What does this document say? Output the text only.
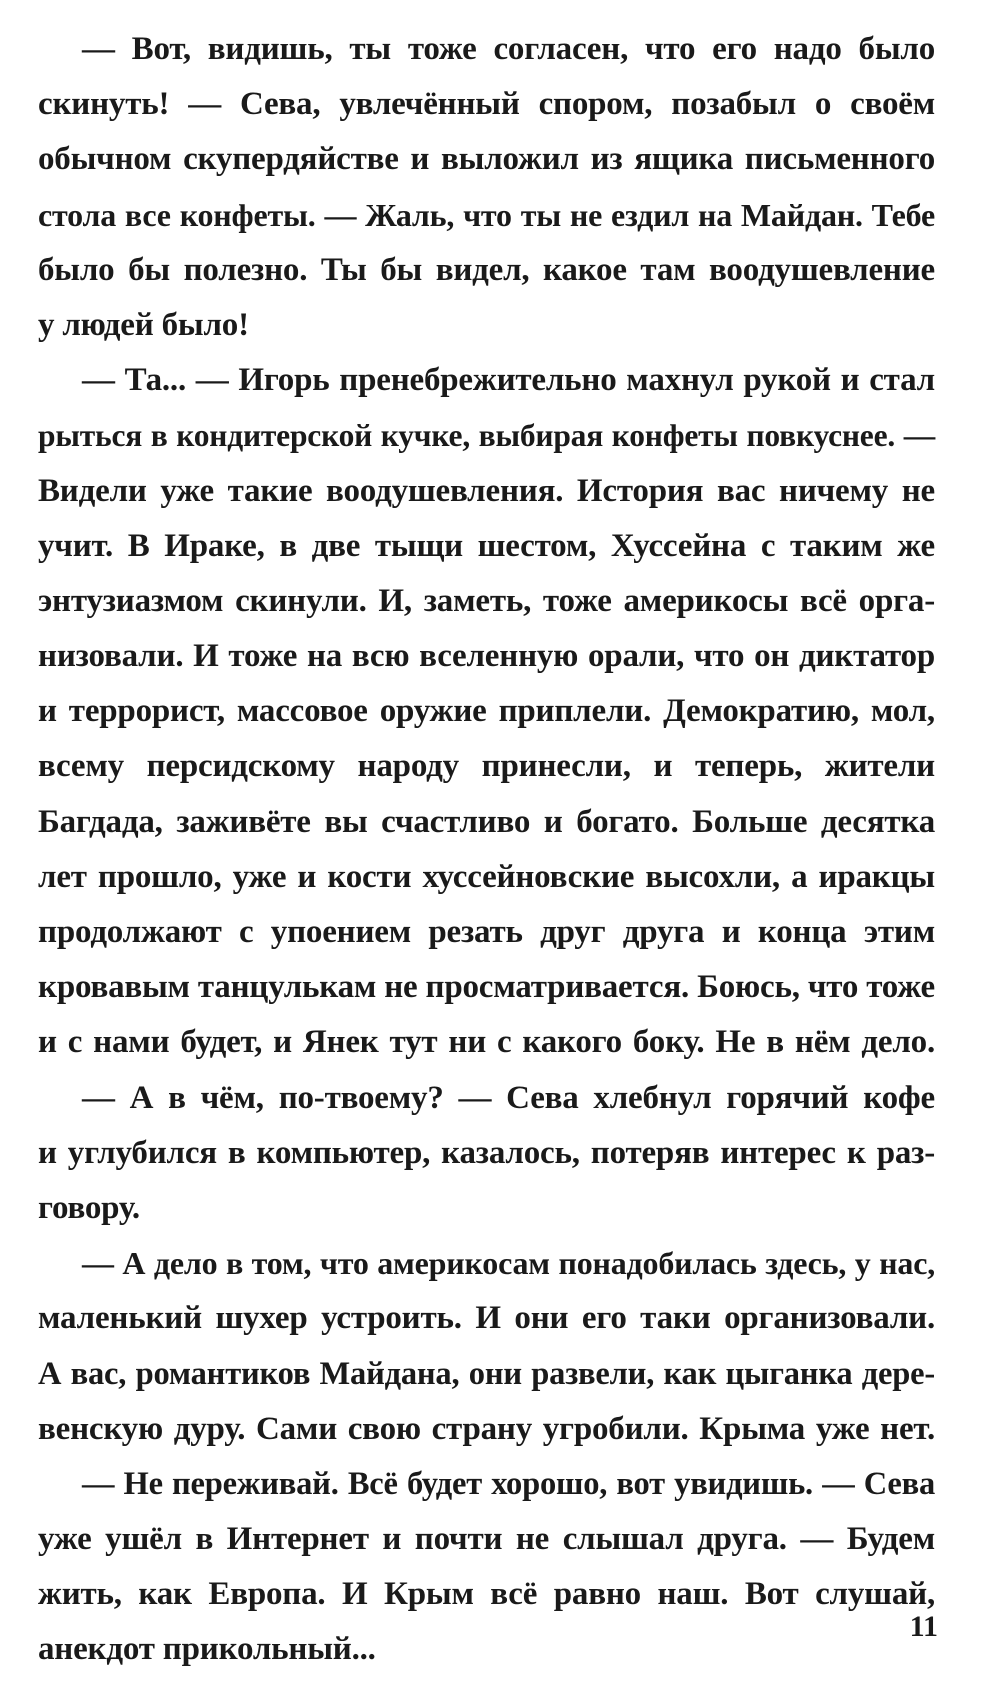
— Вот, видишь, ты тоже согласен, что его надо было
скинуть! — Сева, увлечённый спором, позабыл о своём
обычном скупердяйстве и выложил из ящика письменного
стола все конфеты. — Жаль, что ты не ездил на Майдан. Тебе
было бы полезно. Ты бы видел, какое там воодушевление
у людей было!
— Та... — Игорь пренебрежительно махнул рукой и стал
рыться в кондитерской кучке, выбирая конфеты повкуснее. —
Видели уже такие воодушевления. История вас ничему не
учит. В Ираке, в две тыщи шестом, Хуссейна с таким же
энтузиазмом скинули. И, заметь, тоже америкосы всё орга-
низовали. И тоже на всю вселенную орали, что он диктатор
и террорист, массовое оружие приплели. Демократию, мол,
всему персидскому народу принесли, и теперь, жители
Багдада, заживёте вы счастливо и богато. Больше десятка
лет прошло, уже и кости хуссейновские высохли, а иракцы
продолжают с упоением резать друг друга и конца этим
кровавым танцулькам не просматривается. Боюсь, что тоже
и с нами будет, и Янек тут ни с какого боку. Не в нём дело.
— А в чём, по-твоему? — Сева хлебнул горячий кофе
и углубился в компьютер, казалось, потеряв интерес к раз-
говору.
— А дело в том, что америкосам понадобилась здесь, у нас,
маленький шухер устроить. И они его таки организовали.
А вас, романтиков Майдана, они развели, как цыганка дере-
венскую дуру. Сами свою страну угробили. Крыма уже нет.
— Не переживай. Всё будет хорошо, вот увидишь. — Сева
уже ушёл в Интернет и почти не слышал друга. — Будем
жить, как Европа. И Крым всё равно наш. Вот слушай,
анекдот прикольный...
11
